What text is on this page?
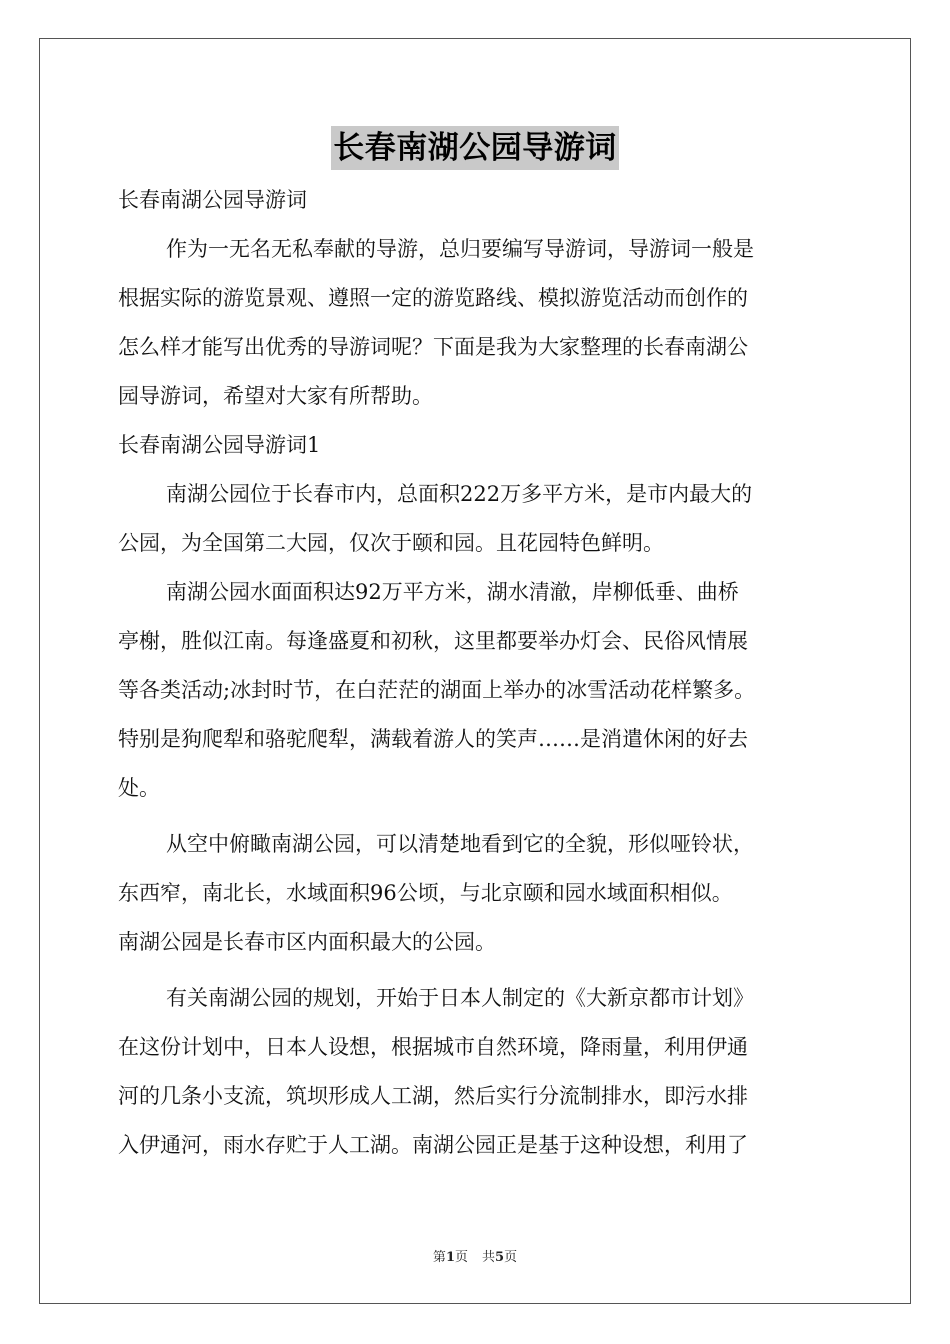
长春南湖公园导游词
长春南湖公园导游词
作为一无名无私奉献的导游，总归要编写导游词，导游词一般是
根据实际的游览景观、遵照一定的游览路线、模拟游览活动而创作的
怎么样才能写出优秀的导游词呢？下面是我为大家整理的长春南湖公
园导游词，希望对大家有所帮助。
长春南湖公园导游词1
南湖公园位于长春市内，总面积222万多平方米，是市内最大的
公园，为全国第二大园，仅次于颐和园。且花园特色鲜明。
南湖公园水面面积达92万平方米，湖水清澈，岸柳低垂、曲桥
亭榭，胜似江南。每逢盛夏和初秋，这里都要举办灯会、民俗风情展
等各类活动;冰封时节，在白茫茫的湖面上举办的冰雪活动花样繁多。
特别是狗爬犁和骆驼爬犁，满载着游人的笑声……是消遣休闲的好去
处。
从空中俯瞰南湖公园，可以清楚地看到它的全貌，形似哑铃状，
东西窄，南北长，水域面积96公顷，与北京颐和园水域面积相似。
南湖公园是长春市区内面积最大的公园。
有关南湖公园的规划，开始于日本人制定的《大新京都市计划》
在这份计划中，日本人设想，根据城市自然环境，降雨量，利用伊通
河的几条小支流，筑坝形成人工湖，然后实行分流制排水，即污水排
入伊通河，雨水存贮于人工湖。南湖公园正是基于这种设想，利用了
第1页 共5页
